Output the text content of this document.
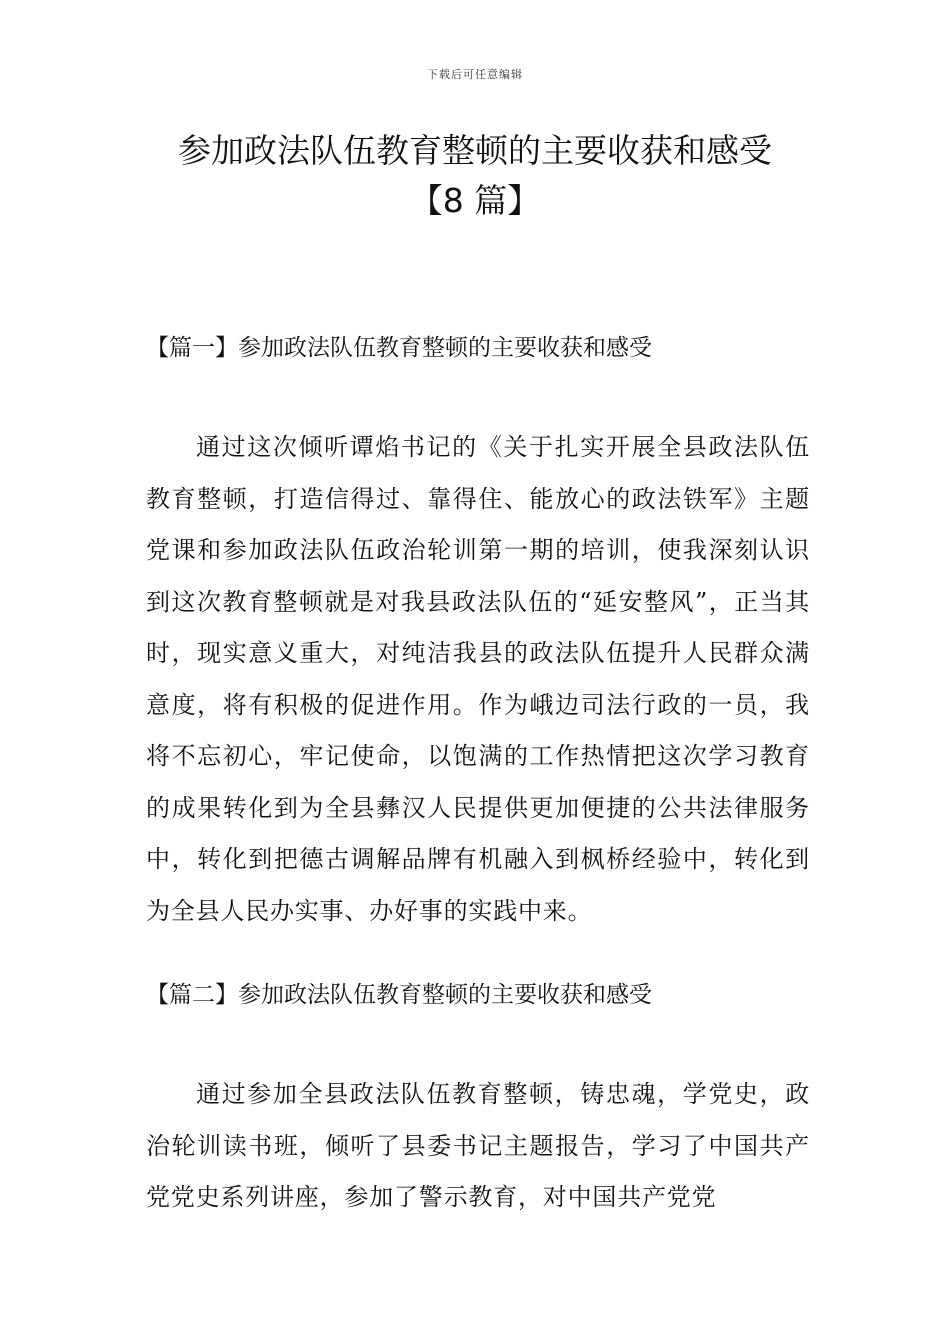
下载后可任意编辑
参加政法队伍教育整顿的主要收获和感受
【8 篇】
【篇一】参加政法队伍教育整顿的主要收获和感受
通过这次倾听谭焰书记的《关于扎实开展全县政法队伍教育整顿，打造信得过、靠得住、能放心的政法铁军》主题党课和参加政法队伍政治轮训第一期的培训，使我深刻认识到这次教育整顿就是对我县政法队伍的“延安整风”，正当其时，现实意义重大，对纯洁我县的政法队伍提升人民群众满意度，将有积极的促进作用。作为峨边司法行政的一员，我将不忘初心，牢记使命，以饱满的工作热情把这次学习教育的成果转化到为全县彝汉人民提供更加便捷的公共法律服务中，转化到把德古调解品牌有机融入到枫桥经验中，转化到为全县人民办实事、办好事的实践中来。
【篇二】参加政法队伍教育整顿的主要收获和感受
通过参加全县政法队伍教育整顿，铸忠魂，学党史，政治轮训读书班，倾听了县委书记主题报告，学习了中国共产党党史系列讲座，参加了警示教育，对中国共产党党
